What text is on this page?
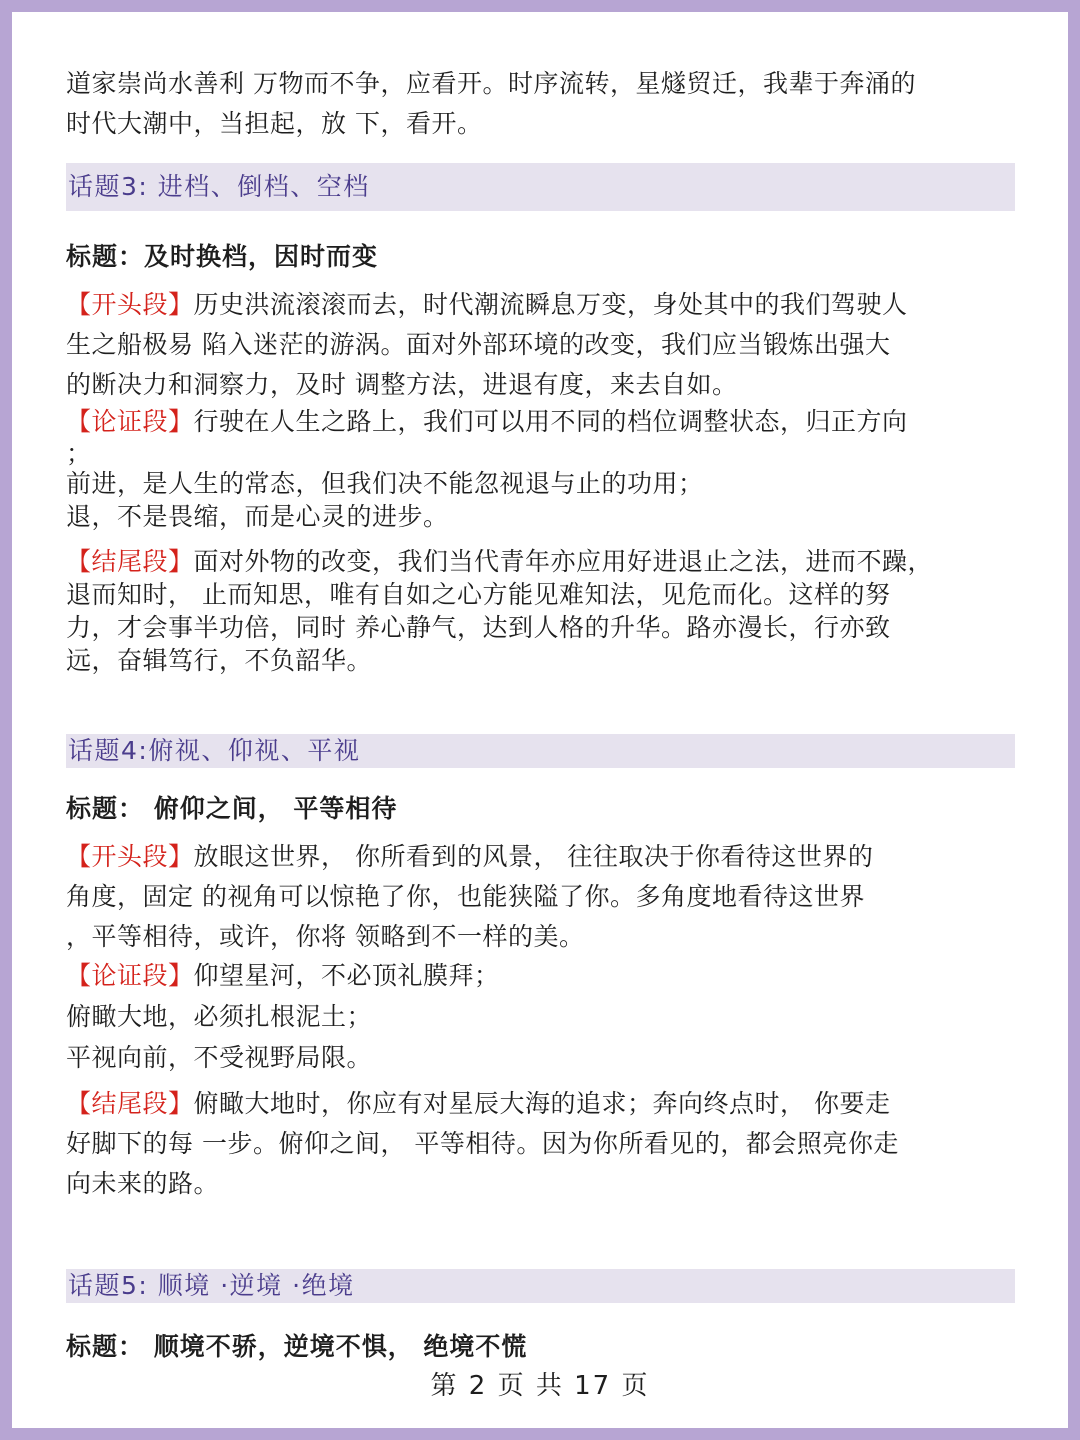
道家崇尚水善利 万物而不争，应看开。时序流转，星燧贸迁，我辈于奔涌的
时代大潮中，当担起，放 下，看开。
话题3: 进档、倒档、空档
标题：及时换档，因时而变
【开头段】历史洪流滚滚而去，时代潮流瞬息万变，身处其中的我们驾驶人
生之船极易 陷入迷茫的游涡。面对外部环境的改变，我们应当锻炼出强大
的断决力和洞察力，及时 调整方法，进退有度，来去自如。
【论证段】行驶在人生之路上，我们可以用不同的档位调整状态，归正方向
；
前进，是人生的常态，但我们决不能忽视退与止的功用；
退，不是畏缩，而是心灵的进步。
【结尾段】面对外物的改变，我们当代青年亦应用好进退止之法，进而不躁，
退而知时， 止而知思，唯有自如之心方能见难知法，见危而化。这样的努
力，才会事半功倍，同时 养心静气，达到人格的升华。路亦漫长，行亦致
远，奋辑笃行，不负韶华。
话题4:俯视、仰视、平视
标题： 俯仰之间， 平等相待
【开头段】放眼这世界， 你所看到的风景， 往往取决于你看待这世界的
角度，固定 的视角可以惊艳了你，也能狭隘了你。多角度地看待这世界
，平等相待，或许，你将 领略到不一样的美。
【论证段】仰望星河，不必顶礼膜拜；
俯瞰大地，必须扎根泥土；
平视向前，不受视野局限。
【结尾段】俯瞰大地时，你应有对星辰大海的追求；奔向终点时， 你要走
好脚下的每 一步。俯仰之间， 平等相待。因为你所看见的，都会照亮你走
向未来的路。
话题5: 顺境 ·逆境 ·绝境
标题： 顺境不骄，逆境不惧， 绝境不慌
第 2 页 共 17 页
